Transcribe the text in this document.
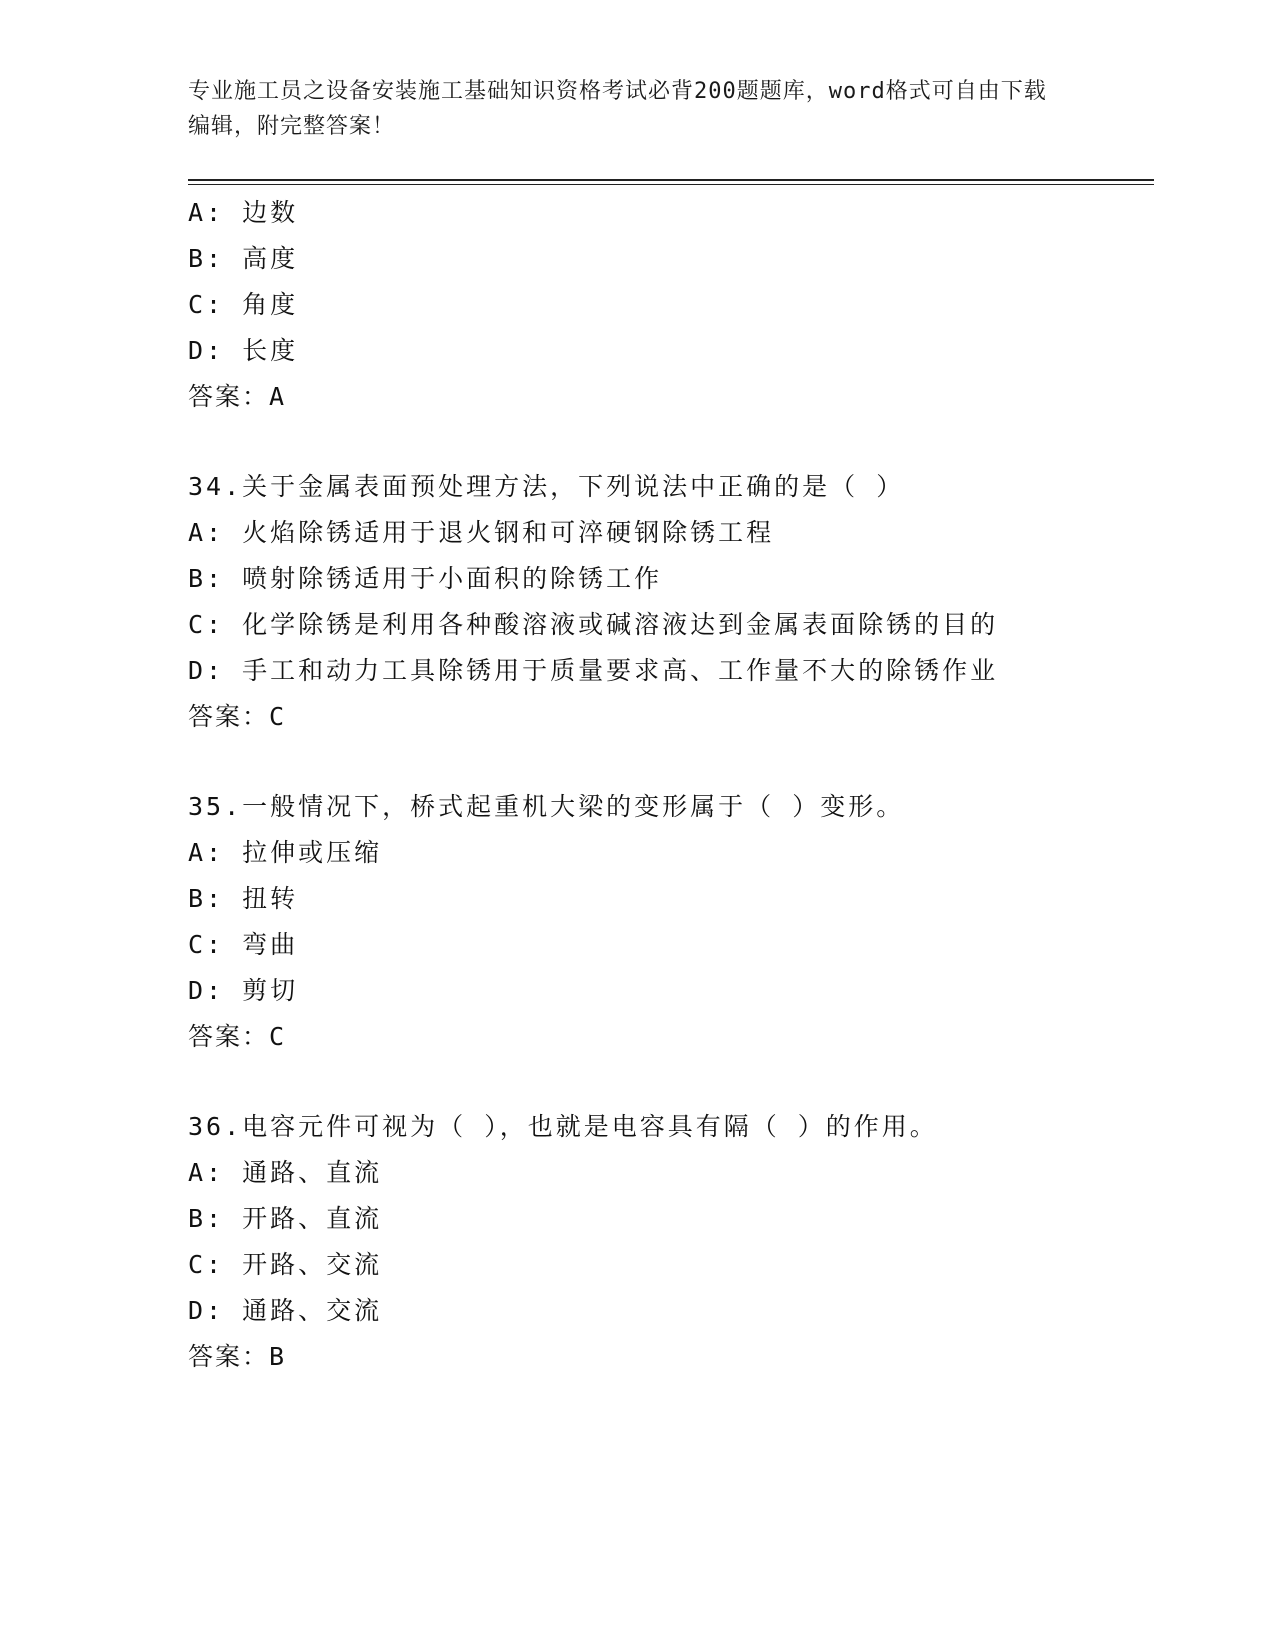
专业施工员之设备安装施工基础知识资格考试必背200题题库，word格式可自由下载编辑，附完整答案！
A: 边数
B: 高度
C: 角度
D: 长度
答案：A
34.关于金属表面预处理方法，下列说法中正确的是（ ）
A: 火焰除锈适用于退火钢和可淬硬钢除锈工程
B: 喷射除锈适用于小面积的除锈工作
C: 化学除锈是利用各种酸溶液或碱溶液达到金属表面除锈的目的
D: 手工和动力工具除锈用于质量要求高、工作量不大的除锈作业
答案：C
35.一般情况下，桥式起重机大梁的变形属于（ ）变形。
A: 拉伸或压缩
B: 扭转
C: 弯曲
D: 剪切
答案：C
36.电容元件可视为（ ），也就是电容具有隔（ ）的作用。
A: 通路、直流
B: 开路、直流
C: 开路、交流
D: 通路、交流
答案：B
